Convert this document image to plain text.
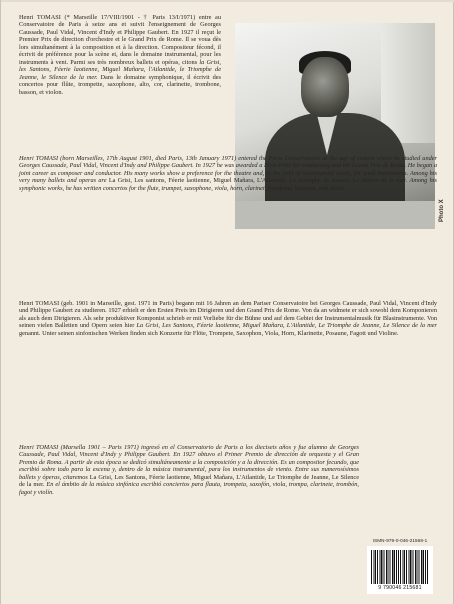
Henri TOMASI (* Marseille 17/VIII/1901 - † Paris 13/I/1971) entre au Conservatoire de Paris à seize ans et suivit l'enseignement de Georges Caussade, Paul Vidal, Vincent d'Indy et Philippe Gaubert. En 1927 il reçut le Premier Prix de direction d'orchestre et le Grand Prix de Rome. Il se voua dès lors simultanément à la composition et à la direction. Compositeur fécond, il écrivit de préférence pour la scène et, dans le domaine instrumental, pour les instruments à vent. Parmi ses très nombreux ballets et opéras, citons la Grisi, les Santons, Féerie laotienne, Miguel Mañara, l'Atlantide, le Triomphe de Jeanne, le Silence de la mer. Dans le domaine symphonique, il écrivit des concertos pour flûte, trompette, saxophone, alto, cor, clarinette, trombone, basson, et violon.
Photo X
Henri TOMASI (born Marseilles, 17th August 1901, died Paris, 13th January 1971) entered the Paris Conservatoire at the age of sixteen where he studied under Georges Caussade, Paul Vidal, Vincent d'Indy and Philippe Gaubert. In 1927 he was awarded a First Prize for conducting and the Grand Prix de Rome. He began a joint career as composer and conductor. His many works show a preference for the theatre and, in the field of instrumental music, for wind instruments. Among his very many ballets and operas are La Grisi, Les santons, Féerie laotienne, Miguel Mañara, L'Atlantide, Le triomphe de Jeanne, Le silence de la mer. Among his symphonic works, he has written concertos for the flute, trumpet, saxophone, viola, horn, clarinet, trombone, bassoon, and violin.
Henri TOMASI (geb. 1901 in Marseille, gest. 1971 in Paris) begann mit 16 Jahren an dem Pariser Conservatoire bei Georges Caussade, Paul Vidal, Vincent d'Indy und Philippe Gaubert zu studieren. 1927 erhielt er den Ersten Preis im Dirigieren und den Grand Prix de Rome. Von da an widmete er sich sowohl dem Komponieren als auch dem Dirigieren. Als sehr produktiver Komponist schrieb er mit Vorliebe für die Bühne und auf dem Gebiet der Instrumentalmusik für Blasinstrumente. Von seinen vielen Balletten und Opern seien hier La Grisi, Les Santons, Féerie laotienne, Miguel Mañara, L'Atlantide, Le Triomphe de Jeanne, Le Silence de la mer genannt. Unter seinen sinfonischen Werken finden sich Konzerte für Flöte, Trompete, Saxophon, Viola, Horn, Klarinette, Posaune, Fagott und Violine.
Henri TOMASI (Marsella 1901 – Paris 1971) ingresó en el Conservatorio de Paris a los dieciseis años y fue alumno de Georges Caussade, Paul Vidal, Vincent d'Indy y Philippe Gaubert. En 1927 obtuvo el Primer Premio de dirección de orquesta y el Gran Premio de Roma. A partir de esta época se dedicó simultáneamente a la composición y a la dirección. Es un compositor fecundo, que escribió sobre todo para la escena y, dentro de la música instrumental, para los instrumentos de viento. Entre sus numerosísimos ballets y óperas, citaremos La Grisi, Les Santons, Féerie laotienne, Miguel Mañara, L'Atlantide, Le Triomphe de Jeanne, Le Silence de la mer. En el ámbito de la música sinfónica escribió conciertos para flauta, trompeta, saxofón, viola, trompa, clarinete, trombón, fagot y violín.
ISMN-979-0-046-21568-1
9 790046 215681
